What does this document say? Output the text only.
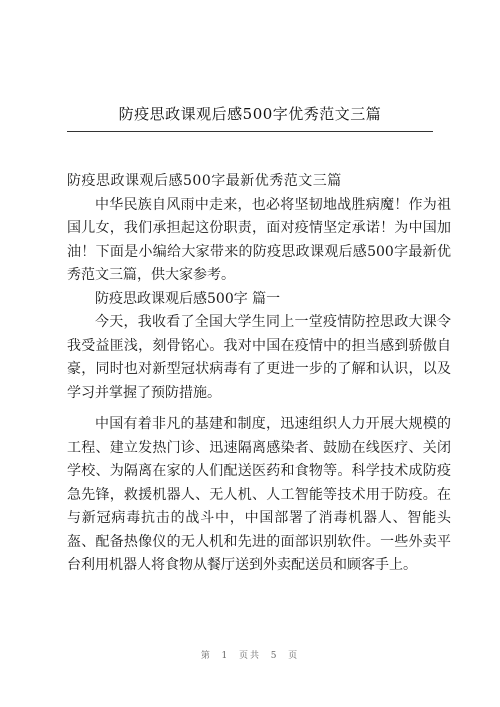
防疫思政课观后感500字优秀范文三篇

防疫思政课观后感500字最新优秀范文三篇

中华民族自风雨中走来，也必将坚韧地战胜病魔！作为祖国儿女，我们承担起这份职责，面对疫情坚定承诺！为中国加油！下面是小编给大家带来的防疫思政课观后感500字最新优秀范文三篇，供大家参考。

防疫思政课观后感500字 篇一

今天，我收看了全国大学生同上一堂疫情防控思政大课令我受益匪浅，刻骨铭心。我对中国在疫情中的担当感到骄傲自豪，同时也对新型冠状病毒有了更进一步的了解和认识，以及学习并掌握了预防措施。

中国有着非凡的基建和制度，迅速组织人力开展大规模的工程、建立发热门诊、迅速隔离感染者、鼓励在线医疗、关闭学校、为隔离在家的人们配送医药和食物等。科学技术成防疫急先锋，救援机器人、无人机、人工智能等技术用于防疫。在与新冠病毒抗击的战斗中，中国部署了消毒机器人、智能头盔、配备热像仪的无人机和先进的面部识别软件。一些外卖平台利用机器人将食物从餐厅送到外卖配送员和顾客手上。

第  1  页共  5  页
